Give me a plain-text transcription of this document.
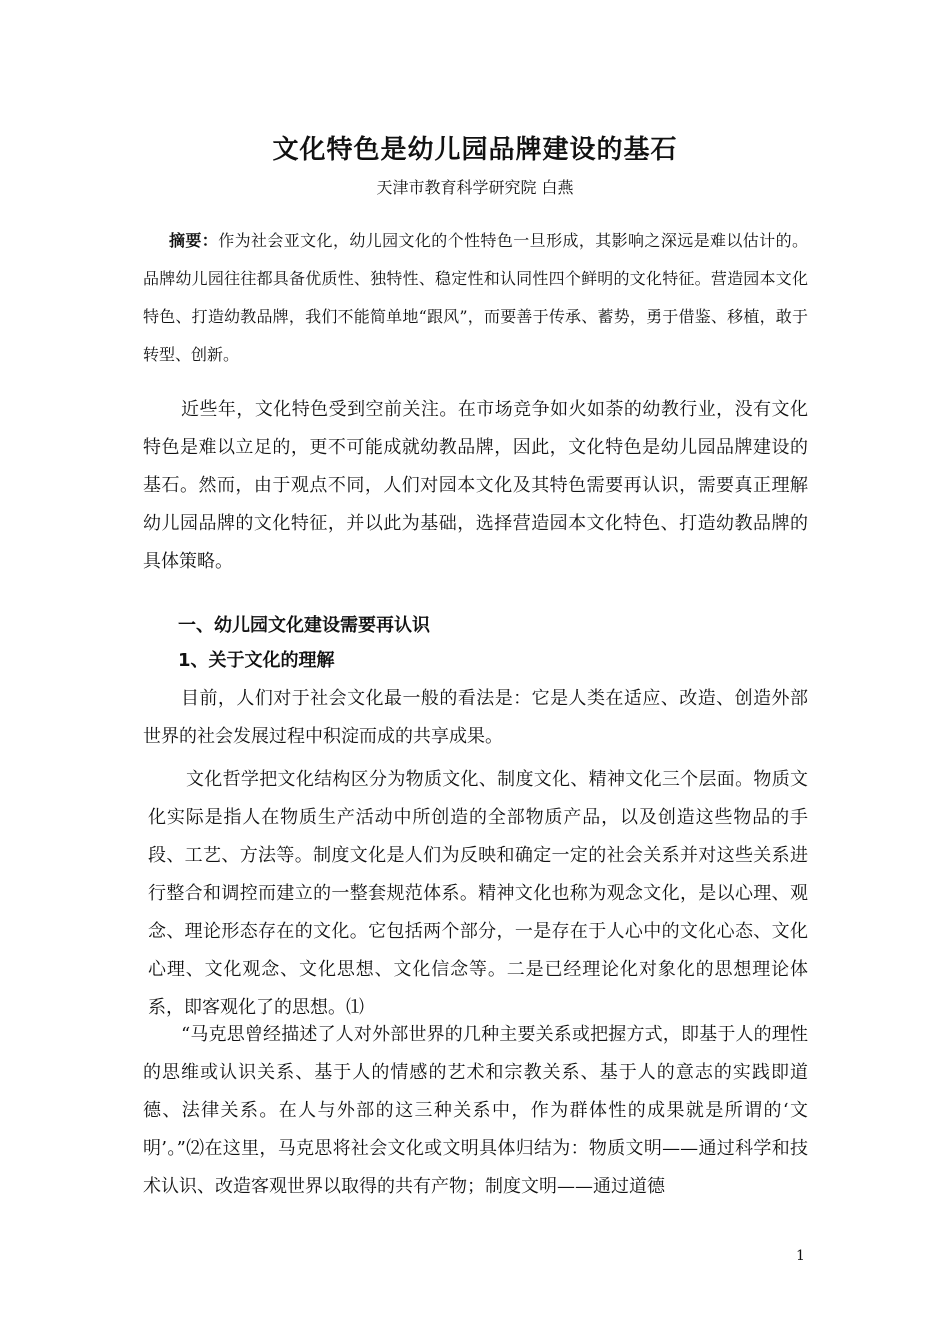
文化特色是幼儿园品牌建设的基石
天津市教育科学研究院 白燕
摘要：作为社会亚文化，幼儿园文化的个性特色一旦形成，其影响之深远是难以估计的。品牌幼儿园往往都具备优质性、独特性、稳定性和认同性四个鲜明的文化特征。营造园本文化特色、打造幼教品牌，我们不能简单地“跟风”，而要善于传承、蓄势，勇于借鉴、移植，敢于转型、创新。
近些年，文化特色受到空前关注。在市场竞争如火如荼的幼教行业，没有文化特色是难以立足的，更不可能成就幼教品牌，因此，文化特色是幼儿园品牌建设的基石。然而，由于观点不同，人们对园本文化及其特色需要再认识，需要真正理解幼儿园品牌的文化特征，并以此为基础，选择营造园本文化特色、打造幼教品牌的具体策略。
一、幼儿园文化建设需要再认识
1、关于文化的理解
目前，人们对于社会文化最一般的看法是：它是人类在适应、改造、创造外部世界的社会发展过程中积淀而成的共享成果。
文化哲学把文化结构区分为物质文化、制度文化、精神文化三个层面。物质文化实际是指人在物质生产活动中所创造的全部物质产品，以及创造这些物品的手段、工艺、方法等。制度文化是人们为反映和确定一定的社会关系并对这些关系进行整合和调控而建立的一整套规范体系。精神文化也称为观念文化，是以心理、观念、理论形态存在的文化。它包括两个部分，一是存在于人心中的文化心态、文化心理、文化观念、文化思想、文化信念等。二是已经理论化对象化的思想理论体系，即客观化了的思想。⑴
“马克思曾经描述了人对外部世界的几种主要关系或把握方式，即基于人的理性的思维或认识关系、基于人的情感的艺术和宗教关系、基于人的意志的实践即道德、法律关系。在人与外部的这三种关系中，作为群体性的成果就是所谓的‘文明’。”⑵在这里，马克思将社会文化或文明具体归结为：物质文明——通过科学和技术认识、改造客观世界以取得的共有产物；制度文明——通过道德
1
